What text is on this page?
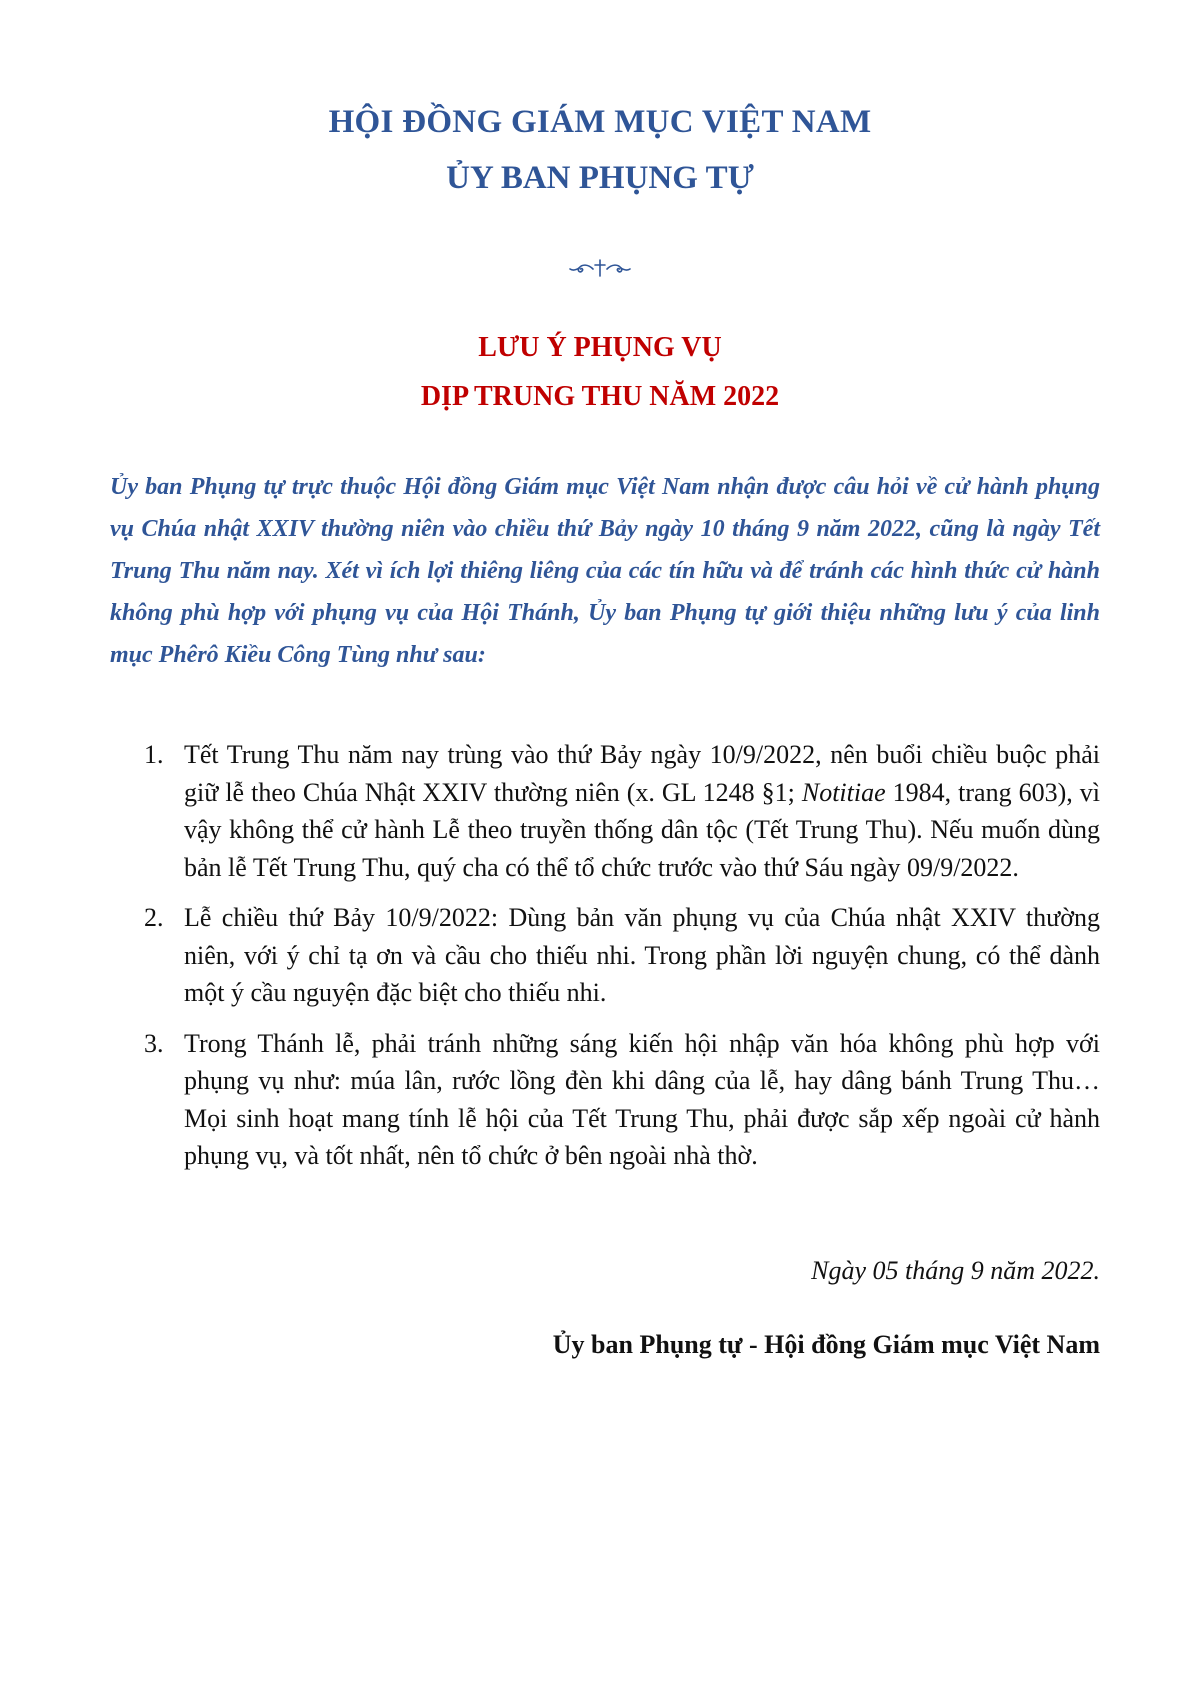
HỘI ĐỒNG GIÁM MỤC VIỆT NAM
ỦY BAN PHỤNG TỰ
LƯU Ý PHỤNG VỤ
DỊP TRUNG THU NĂM 2022

Ủy ban Phụng tự trực thuộc Hội đồng Giám mục Việt Nam nhận được câu hỏi về cử hành phụng vụ Chúa nhật XXIV thường niên vào chiều thứ Bảy ngày 10 tháng 9 năm 2022, cũng là ngày Tết Trung Thu năm nay. Xét vì ích lợi thiêng liêng của các tín hữu và để tránh các hình thức cử hành không phù hợp với phụng vụ của Hội Thánh, Ủy ban Phụng tự giới thiệu những lưu ý của linh mục Phêrô Kiều Công Tùng như sau:

1. Tết Trung Thu năm nay trùng vào thứ Bảy ngày 10/9/2022, nên buổi chiều buộc phải giữ lễ theo Chúa Nhật XXIV thường niên (x. GL 1248 §1; Notitiae 1984, trang 603), vì vậy không thể cử hành Lễ theo truyền thống dân tộc (Tết Trung Thu). Nếu muốn dùng bản lễ Tết Trung Thu, quý cha có thể tổ chức trước vào thứ Sáu ngày 09/9/2022.
2. Lễ chiều thứ Bảy 10/9/2022: Dùng bản văn phụng vụ của Chúa nhật XXIV thường niên, với ý chỉ tạ ơn và cầu cho thiếu nhi. Trong phần lời nguyện chung, có thể dành một ý cầu nguyện đặc biệt cho thiếu nhi.
3. Trong Thánh lễ, phải tránh những sáng kiến hội nhập văn hóa không phù hợp với phụng vụ như: múa lân, rước lồng đèn khi dâng của lễ, hay dâng bánh Trung Thu… Mọi sinh hoạt mang tính lễ hội của Tết Trung Thu, phải được sắp xếp ngoài cử hành phụng vụ, và tốt nhất, nên tổ chức ở bên ngoài nhà thờ.
Ngày 05 tháng 9 năm 2022.
Ủy ban Phụng tự - Hội đồng Giám mục Việt Nam
